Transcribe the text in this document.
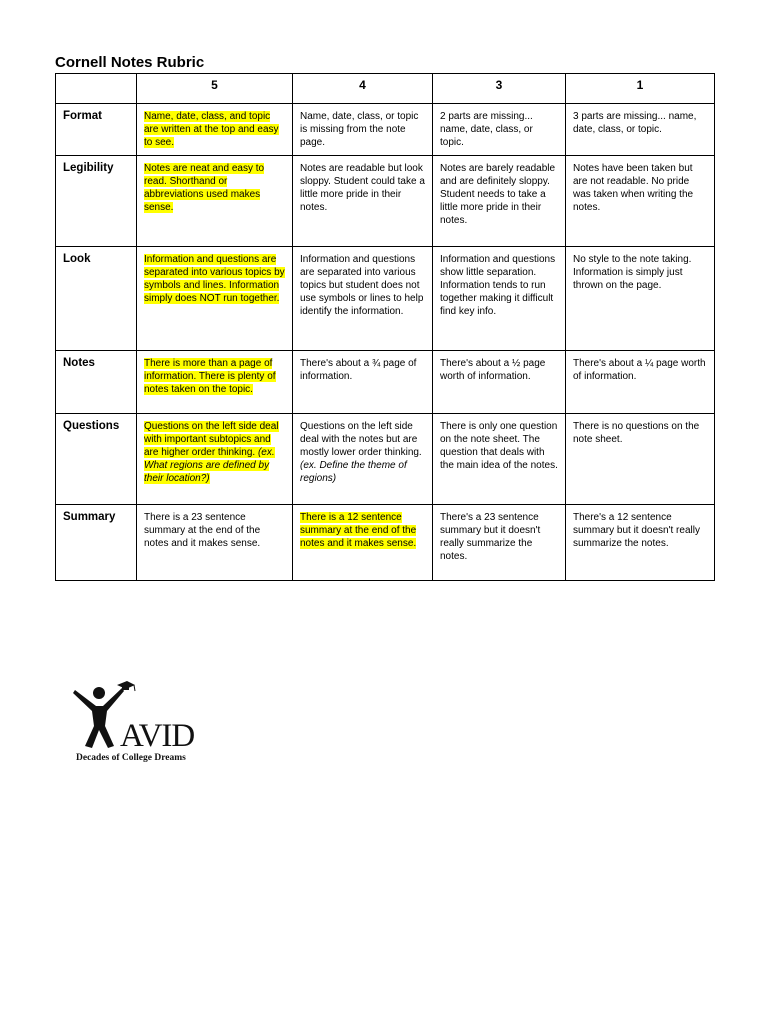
Cornell Notes Rubric
	5	4	3	1
Format	Name, date, class, and topic are written at the top and easy to see.	Name, date, class, or topic is missing from the note page.	2 parts are missing... name, date, class, or topic.	3 parts are missing... name, date, class, or topic.
Legibility	Notes are neat and easy to read. Shorthand or abbreviations used makes sense.	Notes are readable but look sloppy. Student could take a little more pride in their notes.	Notes are barely readable and are definitely sloppy. Student needs to take a little more pride in their notes.	Notes have been taken but are not readable. No pride was taken when writing the notes.
Look	Information and questions are separated into various topics by symbols and lines. Information simply does NOT run together.	Information and questions are separated into various topics but student does not use symbols or lines to help identify the information.	Information and questions show little separation. Information tends to run together making it difficult find key info.	No style to the note taking. Information is simply just thrown on the page.
Notes	There is more than a page of information. There is plenty of notes taken on the topic.	There's about a ¾ page of information.	There's about a ½ page worth of information.	There's about a ¼ page worth of information.
Questions	Questions on the left side deal with important subtopics and are higher order thinking. (ex. What regions are defined by their location?)	Questions on the left side deal with the notes but are mostly lower order thinking. (ex. Define the theme of regions)	There is only one question on the note sheet. The question that deals with the main idea of the notes.	There is no questions on the note sheet.
Summary	There is a 23 sentence summary at the end of the notes and it makes sense.	There is a 12 sentence summary at the end of the notes and it makes sense.	There's a 23 sentence summary but it doesn't really summarize the notes.	There's a 12 sentence summary but it doesn't really summarize the notes.
AVID
Decades of College Dreams
